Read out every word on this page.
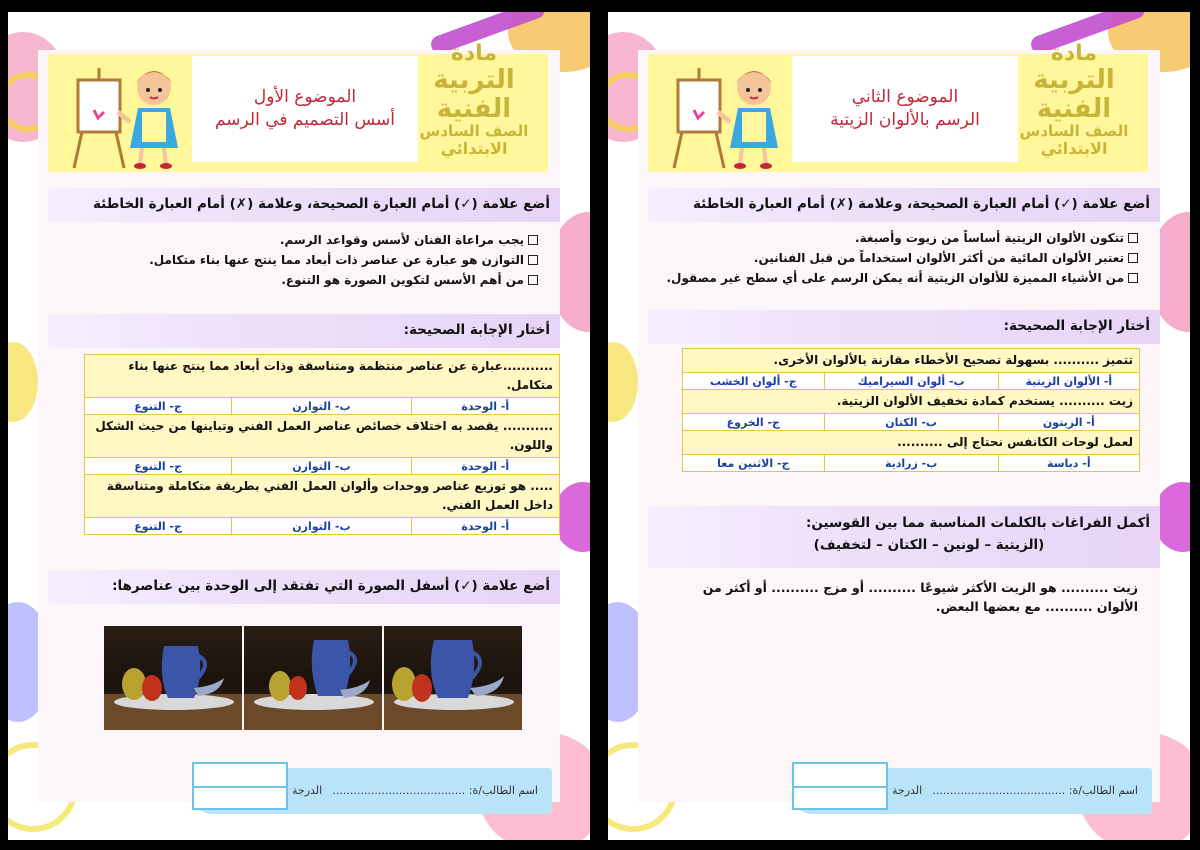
مادة
التربية
الفنية
الصف السادس
الابتدائي
الموضوع الأول
أسس التصميم في الرسم
أضع علامة (✓) أمام العبارة الصحيحة، وعلامة (✗) أمام العبارة الخاطئة
يجب مراعاة الفنان لأسس وقواعد الرسم.
التوازن هو عبارة عن عناصر ذات أبعاد مما ينتج عنها بناء متكامل.
من أهم الأسس لتكوين الصورة هو التنوع.
أختار الإجابة الصحيحة:
...........عبارة عن عناصر منتظمة ومتناسقة وذات أبعاد مما ينتج عنها بناء متكامل.		
أ- الوحدة	ب- التوازن	ج- التنوع
........... يقصد به اختلاف خصائص عناصر العمل الفني وتباينها من حيث الشكل واللون.		
أ- الوحدة	ب- التوازن	ج- التنوع
..... هو توزيع عناصر ووحدات وألوان العمل الفني بطريقة متكاملة ومتناسقة داخل العمل الفني.		
أ- الوحدة	ب- التوازن	ج- التنوع
أضع علامة (✓) أسفل الصورة التي تفتقد إلى الوحدة بين عناصرها:
اسم الطالب/ة: ......................................
الدرجة
مادة
التربية
الفنية
الصف السادس
الابتدائي
الموضوع الثاني
الرسم بالألوان الزيتية
أضع علامة (✓) أمام العبارة الصحيحة، وعلامة (✗) أمام العبارة الخاطئة
تتكون الألوان الزيتية أساساً من زيوت وأصبغة.
تعتبر الألوان المائية من أكثر الألوان استخداماً من قبل الفنانين.
من الأشياء المميزة للألوان الزيتية أنه يمكن الرسم على أي سطح غير مصقول.
أختار الإجابة الصحيحة:
تتميز .......... بسهولة تصحيح الأخطاء مقارنة بالألوان الأخرى.		
أ- الألوان الزيتية	ب- ألوان السيراميك	ج- ألوان الخشب
زيت .......... يستخدم كمادة تخفيف الألوان الزيتية.		
أ- الزيتون	ب- الكتان	ج- الخروع
لعمل لوحات الكانفس نحتاج إلى ..........		
أ- دباسة	ب- زرادية	ج- الاثنين معا
أكمل الفراغات بالكلمات المناسبة مما بين القوسين:
(الزيتية – لونين – الكتان – لتخفيف)
زيت .......... هو الزيت الأكثر شيوعًا .......... أو مزج .......... أو أكثر من الألوان .......... مع بعضها البعض.
اسم الطالب/ة: ......................................
الدرجة
